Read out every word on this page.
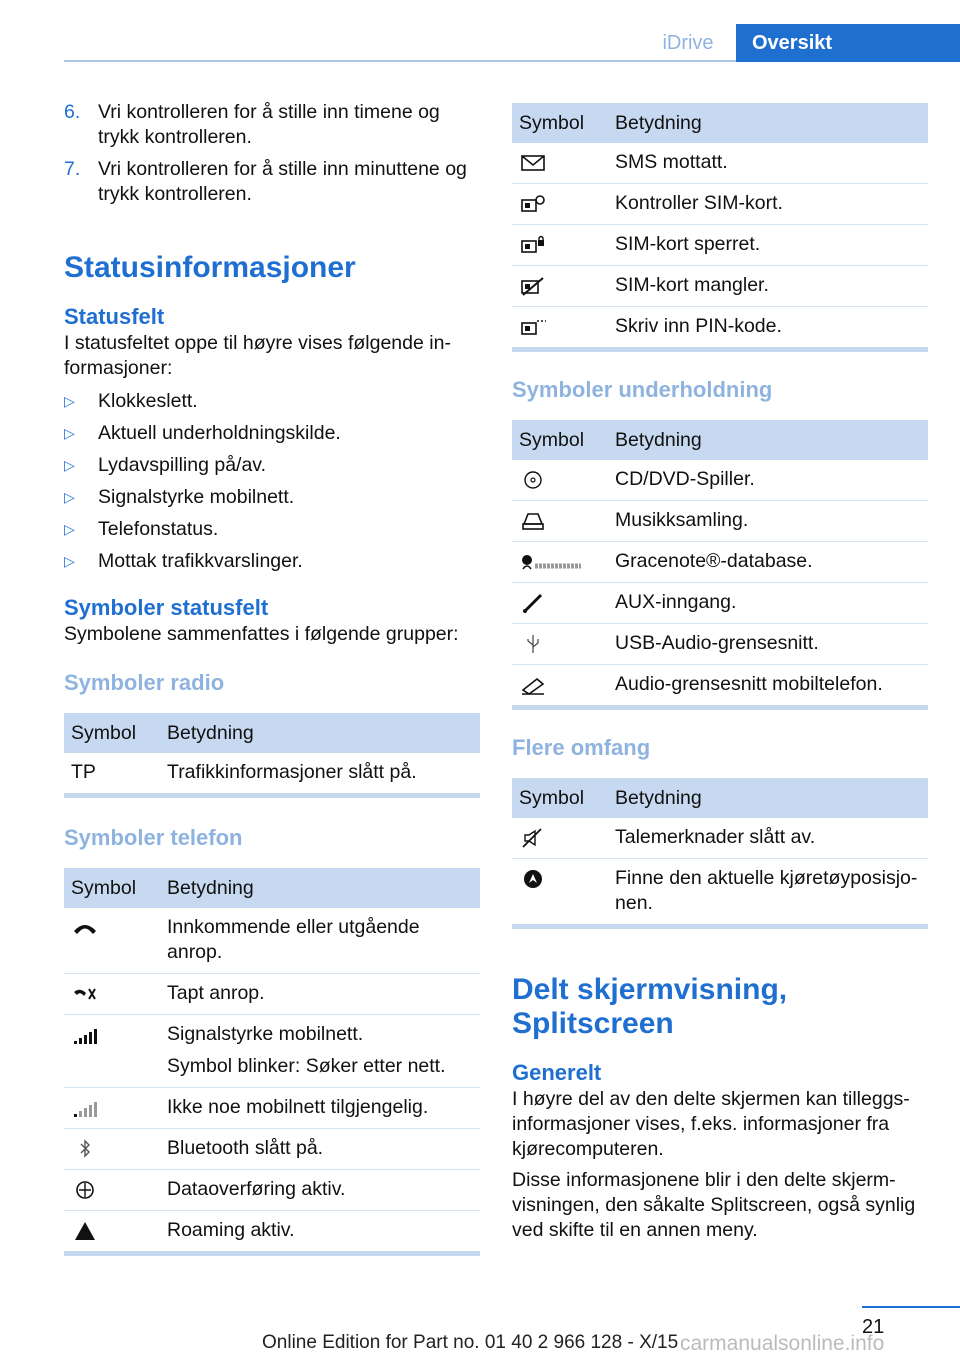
iDrive	Oversikt
6. Vri kontrolleren for å stille inn timene og trykk kontrolleren.
7. Vri kontrolleren for å stille inn minuttene og trykk kontrolleren.
Statusinformasjoner
Statusfelt

I statusfeltet oppe til høyre vises følgende in-formasjoner:

▷	Klokkeslett.
▷	Aktuell underholdningskilde.
▷	Lydavspilling på/av.
▷	Signalstyrke mobilnett.
▷	Telefonstatus.
▷	Mottak trafikkvarslinger.
Symboler statusfelt

Symbolene sammenfattes i følgende grupper:

Symboler radio
Symbol	Betydning
TP	Trafikkinformasjoner slått på.
Symboler telefon
Symbol	Betydning

	Innkommende eller utgående anrop.

	Tapt anrop.

Signalstyrke mobilnett.
Symbol blinker: Søker etter nett.

	Ikke noe mobilnett tilgjengelig.

	Bluetooth slått på.

	Dataoverføring aktiv.

	Roaming aktiv.
Symbol	Betydning

	SMS mottatt.

	Kontroller SIM-kort.

	SIM-kort sperret.

	SIM-kort mangler.

	Skriv inn PIN-kode.
Symboler underholdning
Symbol	Betydning

	CD/DVD-Spiller.

	Musikksamling.

	Gracenote®-database.

	AUX-inngang.

	USB-Audio-grensesnitt.

	Audio-grensesnitt mobiltelefon.
Flere omfang
Symbol	Betydning

	Talemerknader slått av.

	Finne den aktuelle kjøretøyposisjo-nen.
Delt skjermvisning,
Splitscreen
Generelt

I høyre del av den delte skjermen kan tilleggs-informasjoner vises, f.eks. informasjoner fra kjørecomputeren.

Disse informasjonene blir i den delte skjerm-visningen, den såkalte Splitscreen, også synlig ved skifte til en annen meny.

21
Online Edition for Part no. 01 40 2 966 128 - X/15 carmanualsonline.info
